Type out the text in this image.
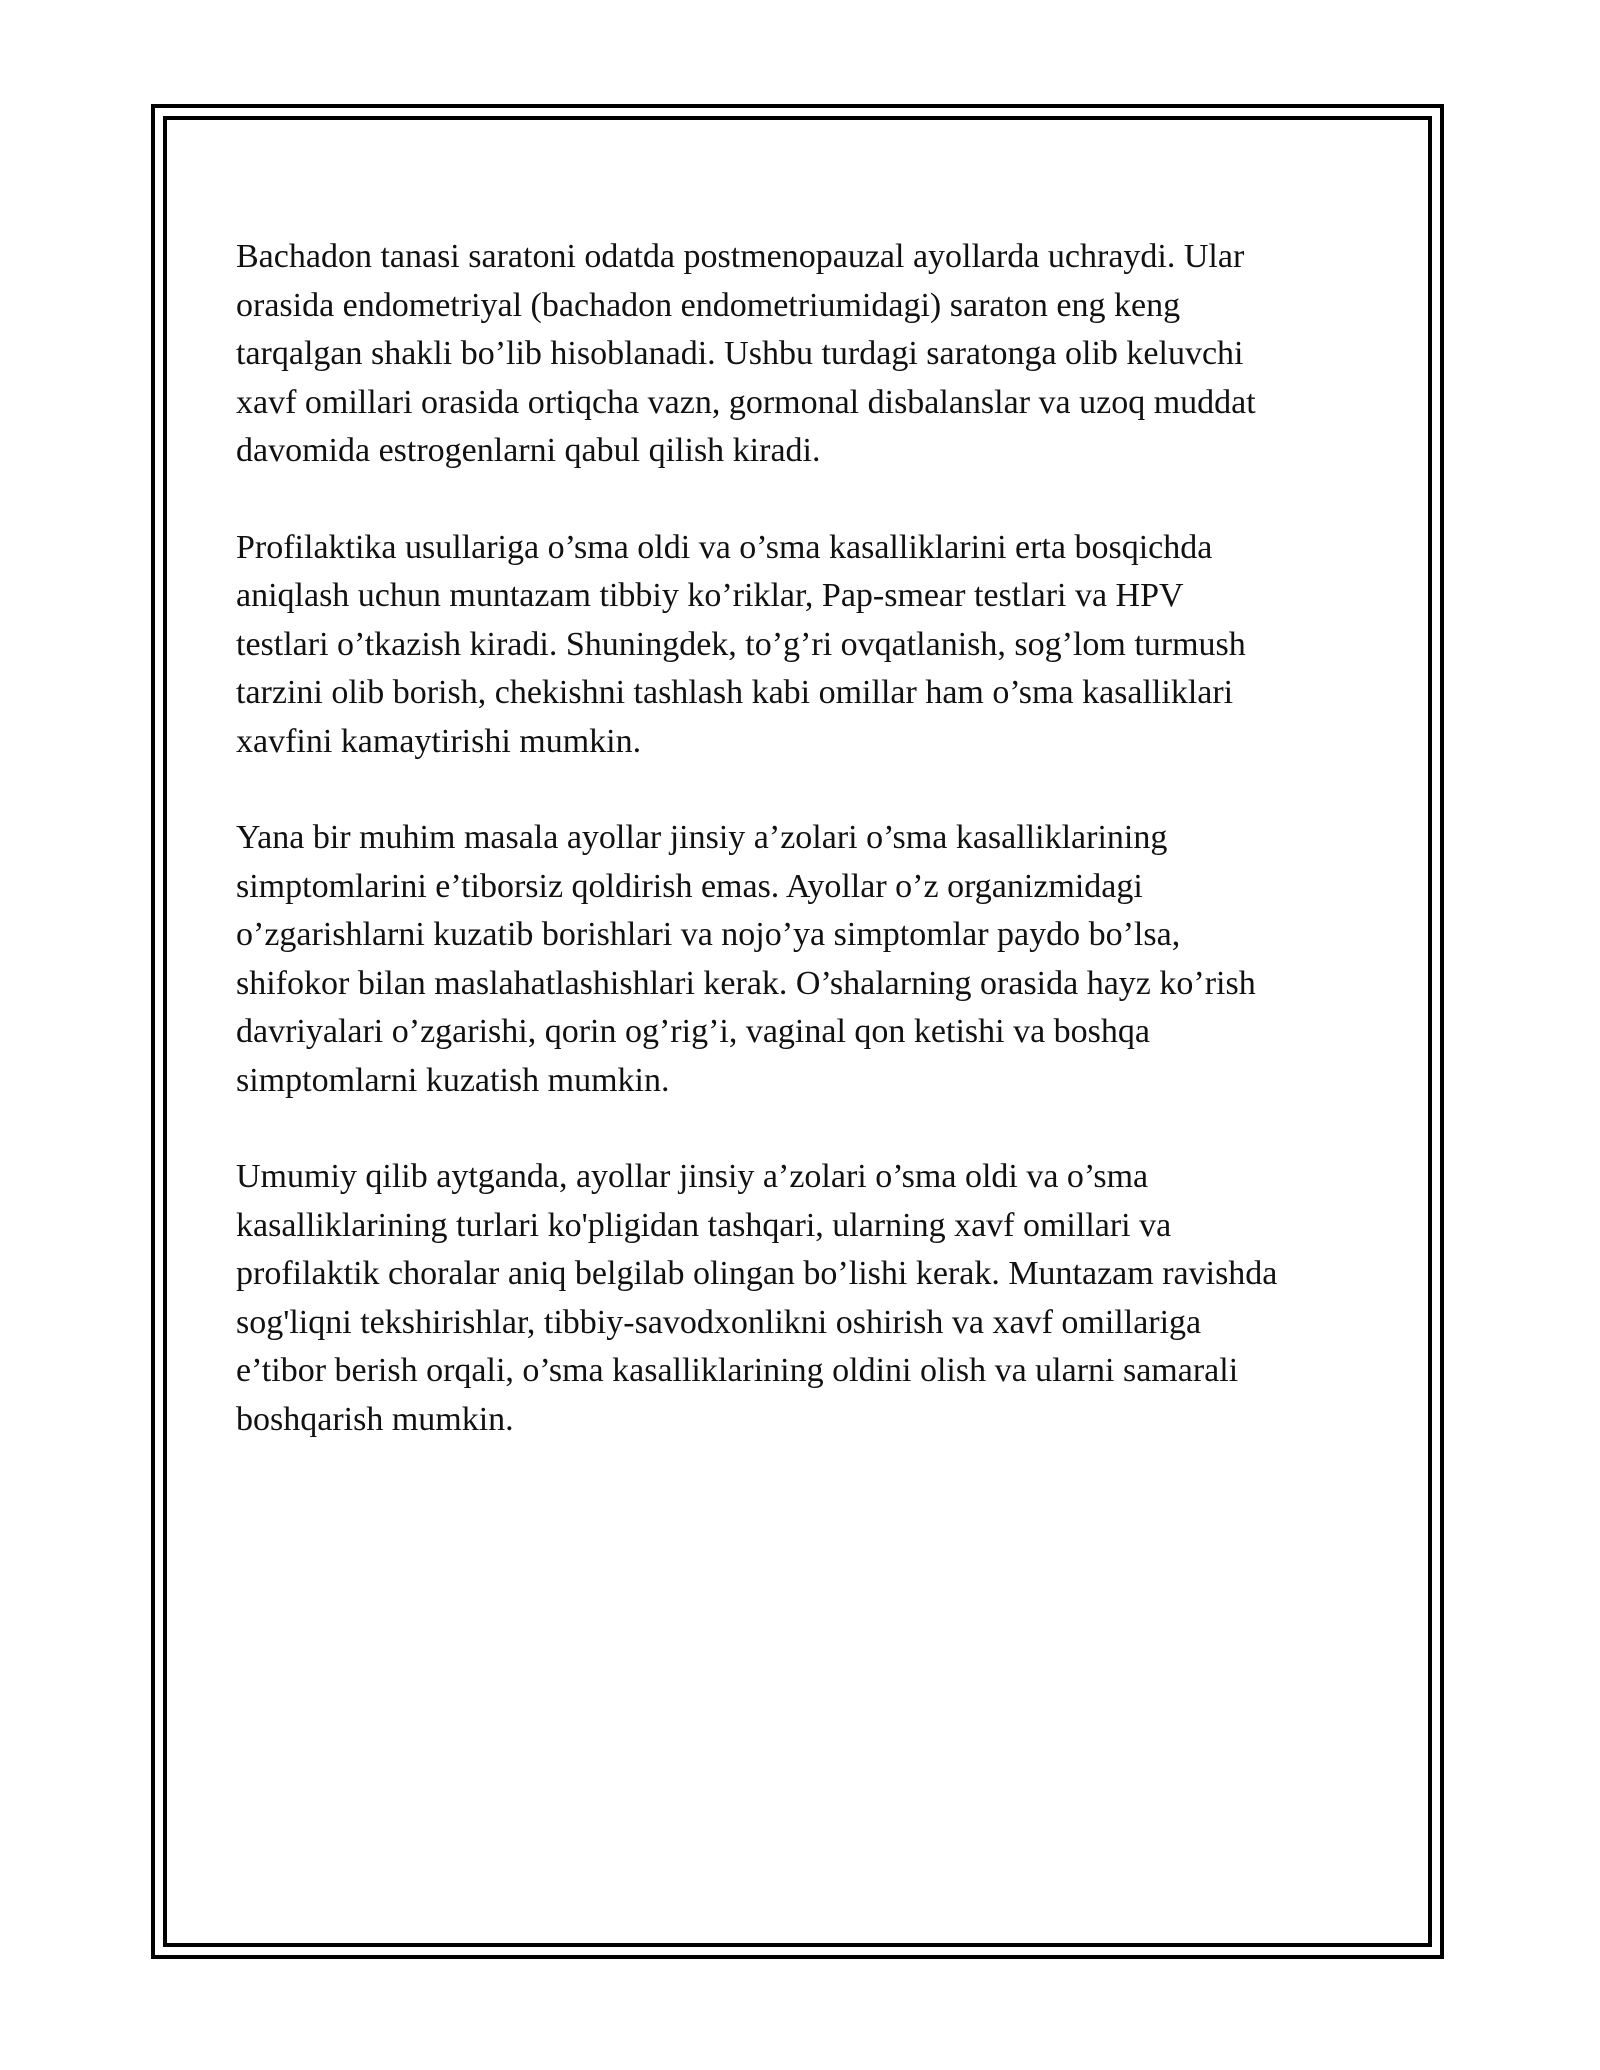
Bachadon tanasi saratoni odatda postmenopauzal ayollarda uchraydi. Ular
orasida endometriyal (bachadon endometriumidagi) saraton eng keng
tarqalgan shakli bo’lib hisoblanadi. Ushbu turdagi saratonga olib keluvchi
xavf omillari orasida ortiqcha vazn, gormonal disbalanslar va uzoq muddat
davomida estrogenlarni qabul qilish kiradi.

Profilaktika usullariga o’sma oldi va o’sma kasalliklarini erta bosqichda
aniqlash uchun muntazam tibbiy ko’riklar, Pap-smear testlari va HPV
testlari o’tkazish kiradi. Shuningdek, to’g’ri ovqatlanish, sog’lom turmush
tarzini olib borish, chekishni tashlash kabi omillar ham o’sma kasalliklari
xavfini kamaytirishi mumkin.

Yana bir muhim masala ayollar jinsiy a’zolari o’sma kasalliklarining
simptomlarini e’tiborsiz qoldirish emas. Ayollar o’z organizmidagi
o’zgarishlarni kuzatib borishlari va nojo’ya simptomlar paydo bo’lsa,
shifokor bilan maslahatlashishlari kerak. O’shalarning orasida hayz ko’rish
davriyalari o’zgarishi, qorin og’rig’i, vaginal qon ketishi va boshqa
simptomlarni kuzatish mumkin.

Umumiy qilib aytganda, ayollar jinsiy a’zolari o’sma oldi va o’sma
kasalliklarining turlari ko'pligidan tashqari, ularning xavf omillari va
profilaktik choralar aniq belgilab olingan bo’lishi kerak. Muntazam ravishda
sog'liqni tekshirishlar, tibbiy-savodxonlikni oshirish va xavf omillariga
e’tibor berish orqali, o’sma kasalliklarining oldini olish va ularni samarali
boshqarish mumkin.
